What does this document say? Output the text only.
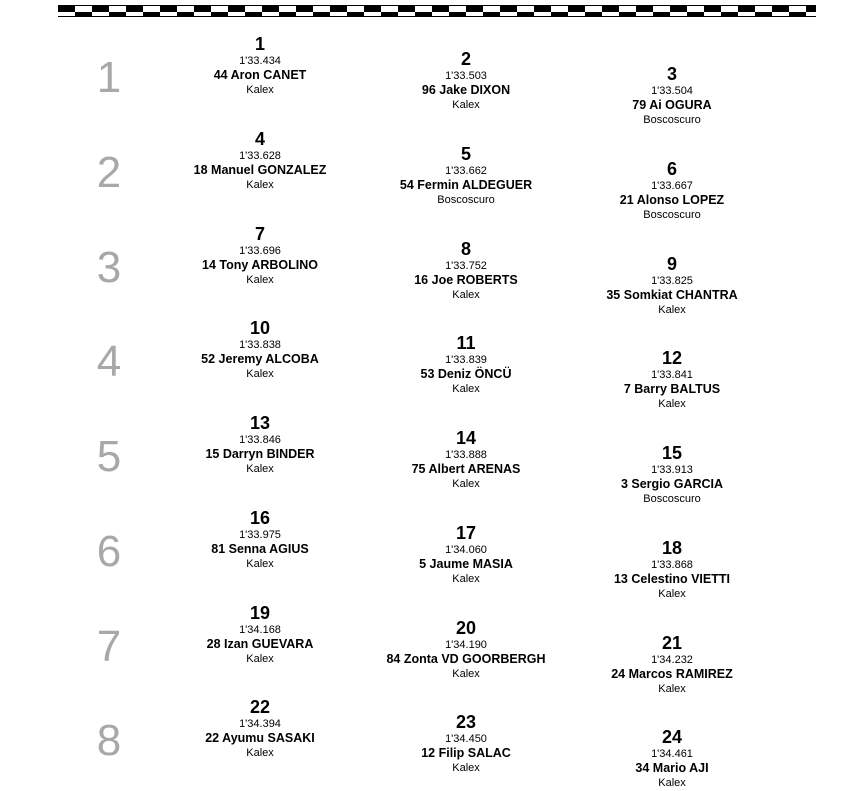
1
2
3
4
5
6
7
8
1
1'33.434
44 Aron CANET
Kalex
2
1'33.503
96 Jake DIXON
Kalex
3
1'33.504
79 Ai OGURA
Boscoscuro
4
1'33.628
18 Manuel GONZALEZ
Kalex
5
1'33.662
54 Fermin ALDEGUER
Boscoscuro
6
1'33.667
21 Alonso LOPEZ
Boscoscuro
7
1'33.696
14 Tony ARBOLINO
Kalex
8
1'33.752
16 Joe ROBERTS
Kalex
9
1'33.825
35 Somkiat CHANTRA
Kalex
10
1'33.838
52 Jeremy ALCOBA
Kalex
11
1'33.839
53 Deniz ÖNCÜ
Kalex
12
1'33.841
7 Barry BALTUS
Kalex
13
1'33.846
15 Darryn BINDER
Kalex
14
1'33.888
75 Albert ARENAS
Kalex
15
1'33.913
3 Sergio GARCIA
Boscoscuro
16
1'33.975
81 Senna AGIUS
Kalex
17
1'34.060
5 Jaume MASIA
Kalex
18
1'33.868
13 Celestino VIETTI
Kalex
19
1'34.168
28 Izan GUEVARA
Kalex
20
1'34.190
84 Zonta VD GOORBERGH
Kalex
21
1'34.232
24 Marcos RAMIREZ
Kalex
22
1'34.394
22 Ayumu SASAKI
Kalex
23
1'34.450
12 Filip SALAC
Kalex
24
1'34.461
34 Mario AJI
Kalex
